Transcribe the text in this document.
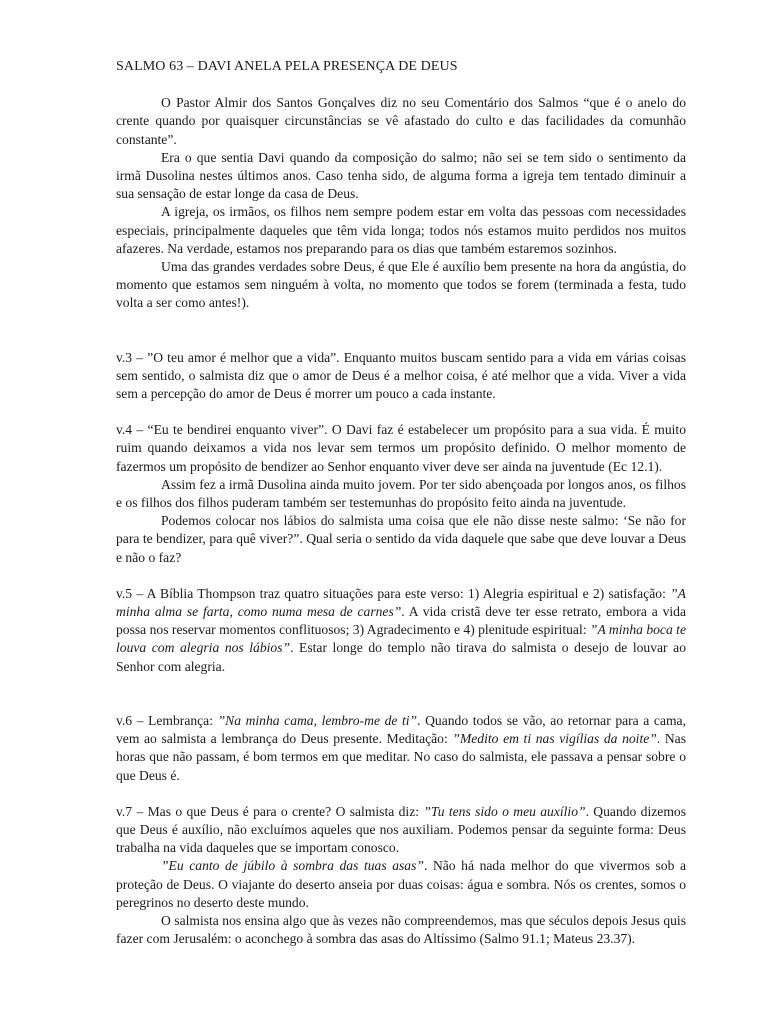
SALMO 63 – DAVI ANELA PELA PRESENÇA DE DEUS

O Pastor Almir dos Santos Gonçalves diz no seu Comentário dos Salmos “que é o anelo do crente quando por quaisquer circunstâncias se vê afastado do culto e das facilidades da comunhão constante”.

Era o que sentia Davi quando da composição do salmo; não sei se tem sido o sentimento da irmã Dusolina nestes últimos anos. Caso tenha sido, de alguma forma a igreja tem tentado diminuir a sua sensação de estar longe da casa de Deus.

A igreja, os irmãos, os filhos nem sempre podem estar em volta das pessoas com necessidades especiais, principalmente daqueles que têm vida longa; todos nós estamos muito perdidos nos muitos afazeres. Na verdade, estamos nos preparando para os dias que também estaremos sozinhos.

Uma das grandes verdades sobre Deus, é que Ele é auxílio bem presente na hora da angústia, do momento que estamos sem ninguém à volta, no momento que todos se forem (terminada a festa, tudo volta a ser como antes!).

v.3 – ”O teu amor é melhor que a vida”. Enquanto muitos buscam sentido para a vida em várias coisas sem sentido, o salmista diz que o amor de Deus é a melhor coisa, é até melhor que a vida. Viver a vida sem a percepção do amor de Deus é morrer um pouco a cada instante.

v.4 – “Eu te bendirei enquanto viver”. O Davi faz é estabelecer um propósito para a sua vida. É muito ruim quando deixamos a vida nos levar sem termos um propósito definido. O melhor momento de fazermos um propósito de bendizer ao Senhor enquanto viver deve ser ainda na juventude (Ec 12.1).

Assim fez a irmã Dusolina ainda muito jovem. Por ter sido abençoada por longos anos, os filhos e os filhos dos filhos puderam também ser testemunhas do propósito feito ainda na juventude.

Podemos colocar nos lábios do salmista uma coisa que ele não disse neste salmo: ‘Se não for para te bendizer, para quê viver?”. Qual seria o sentido da vida daquele que sabe que deve louvar a Deus e não o faz?

v.5 – A Bíblia Thompson traz quatro situações para este verso: 1) Alegria espiritual e 2) satisfação: ”A minha alma se farta, como numa mesa de carnes”. A vida cristã deve ter esse retrato, embora a vida possa nos reservar momentos conflituosos; 3) Agradecimento e 4) plenitude espiritual: ”A minha boca te louva com alegria nos lábios”. Estar longe do templo não tirava do salmista o desejo de louvar ao Senhor com alegria.

v.6 – Lembrança: ”Na minha cama, lembro-me de ti”. Quando todos se vão, ao retornar para a cama, vem ao salmista a lembrança do Deus presente. Meditação: ”Medito em ti nas vigílias da noite”. Nas horas que não passam, é bom termos em que meditar. No caso do salmista, ele passava a pensar sobre o que Deus é.

v.7 – Mas o que Deus é para o crente? O salmista diz: ”Tu tens sido o meu auxílio”. Quando dizemos que Deus é auxílio, não excluímos aqueles que nos auxiliam. Podemos pensar da seguinte forma: Deus trabalha na vida daqueles que se importam conosco.

”Eu canto de júbilo à sombra das tuas asas”. Não há nada melhor do que vivermos sob a proteção de Deus. O viajante do deserto anseia por duas coisas: água e sombra. Nós os crentes, somos o peregrinos no deserto deste mundo.

O salmista nos ensina algo que às vezes não compreendemos, mas que séculos depois Jesus quis fazer com Jerusalém: o aconchego à sombra das asas do Altíssimo (Salmo 91.1; Mateus 23.37).
